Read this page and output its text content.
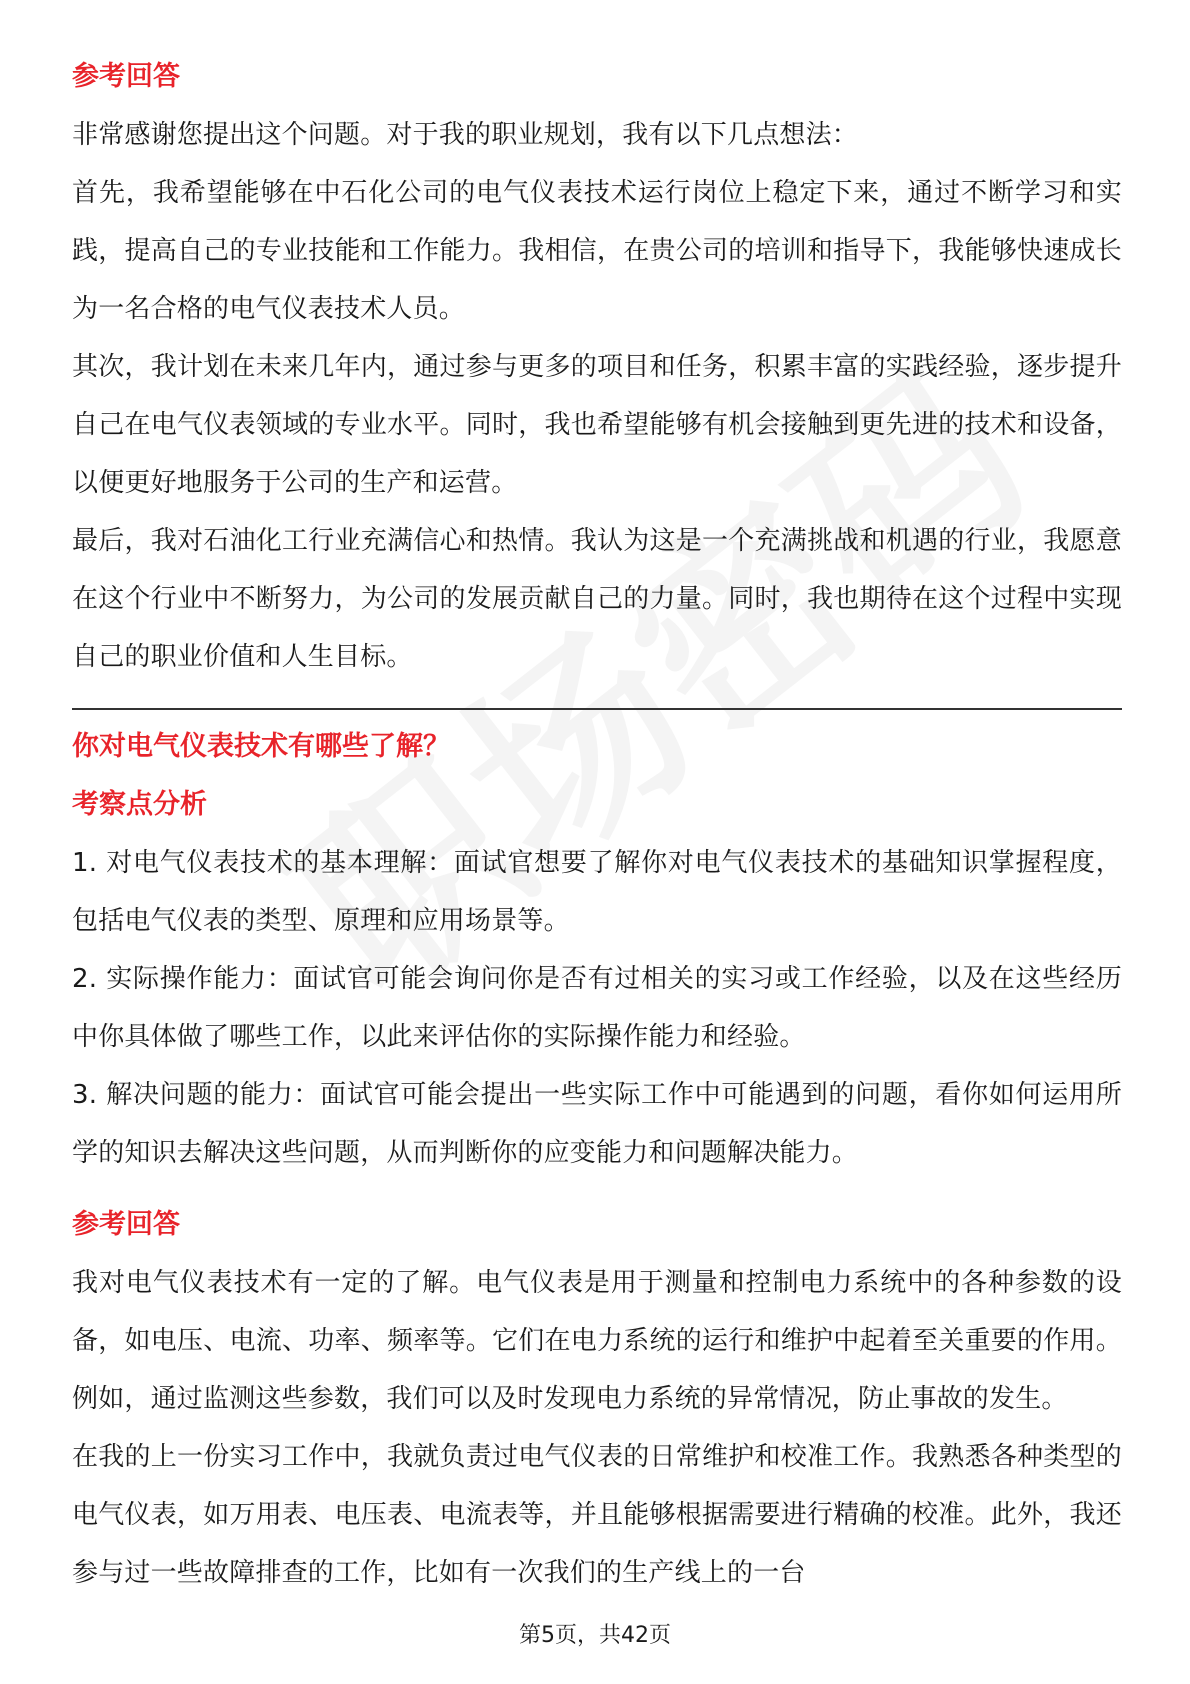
参考回答

非常感谢您提出这个问题。对于我的职业规划，我有以下几点想法：

首先，我希望能够在中石化公司的电气仪表技术运行岗位上稳定下来，通过不断学习和实践，提高自己的专业技能和工作能力。我相信，在贵公司的培训和指导下，我能够快速成长为一名合格的电气仪表技术人员。

其次，我计划在未来几年内，通过参与更多的项目和任务，积累丰富的实践经验，逐步提升自己在电气仪表领域的专业水平。同时，我也希望能够有机会接触到更先进的技术和设备，以便更好地服务于公司的生产和运营。

最后，我对石油化工行业充满信心和热情。我认为这是一个充满挑战和机遇的行业，我愿意在这个行业中不断努力，为公司的发展贡献自己的力量。同时，我也期待在这个过程中实现自己的职业价值和人生目标。

你对电气仪表技术有哪些了解？
考察点分析

1. 对电气仪表技术的基本理解：面试官想要了解你对电气仪表技术的基础知识掌握程度，包括电气仪表的类型、原理和应用场景等。

2. 实际操作能力：面试官可能会询问你是否有过相关的实习或工作经验，以及在这些经历中你具体做了哪些工作，以此来评估你的实际操作能力和经验。

3. 解决问题的能力：面试官可能会提出一些实际工作中可能遇到的问题，看你如何运用所学的知识去解决这些问题，从而判断你的应变能力和问题解决能力。

参考回答

我对电气仪表技术有一定的了解。电气仪表是用于测量和控制电力系统中的各种参数的设备，如电压、电流、功率、频率等。它们在电力系统的运行和维护中起着至关重要的作用。例如，通过监测这些参数，我们可以及时发现电力系统的异常情况，防止事故的发生。

在我的上一份实习工作中，我就负责过电气仪表的日常维护和校准工作。我熟悉各种类型的电气仪表，如万用表、电压表、电流表等，并且能够根据需要进行精确的校准。此外，我还参与过一些故障排查的工作，比如有一次我们的生产线上的一台

第5页，共42页
